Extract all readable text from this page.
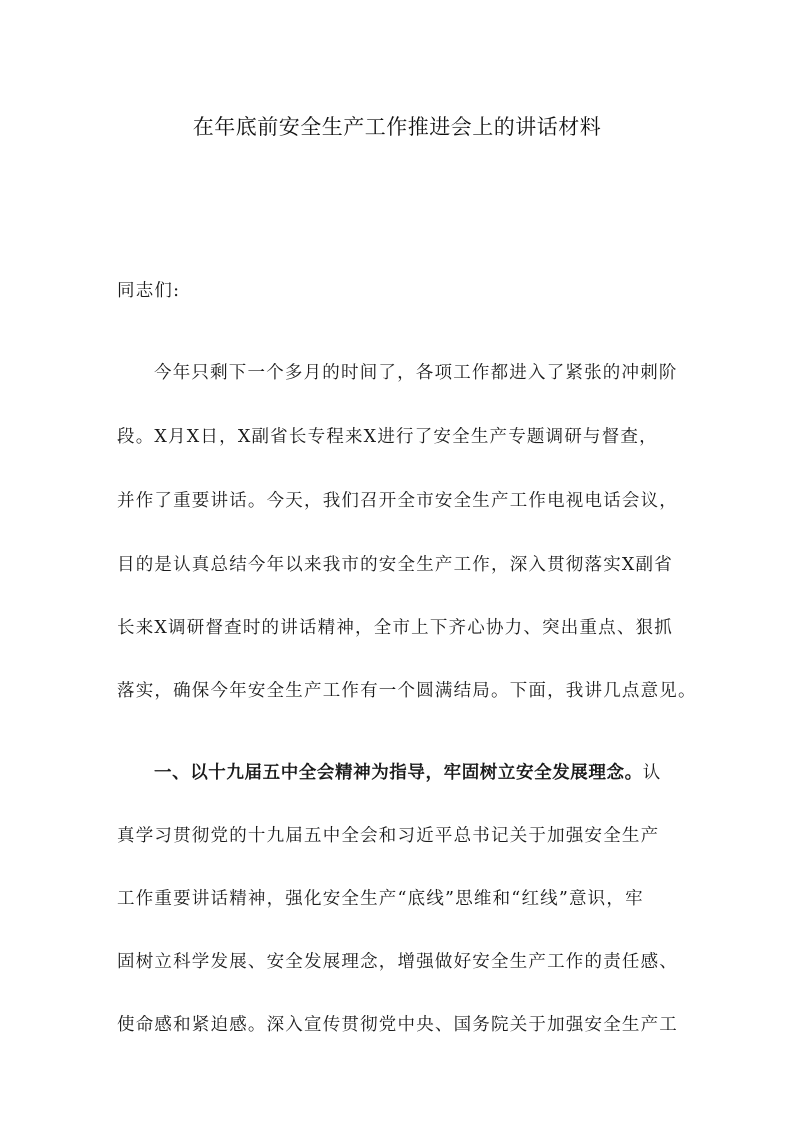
在年底前安全生产工作推进会上的讲话材料
同志们:
今年只剩下一个多月的时间了，各项工作都进入了紧张的冲刺阶
段。X月X日，X副省长专程来X进行了安全生产专题调研与督查，
并作了重要讲话。今天，我们召开全市安全生产工作电视电话会议，
目的是认真总结今年以来我市的安全生产工作，深入贯彻落实X副省
长来X调研督查时的讲话精神，全市上下齐心协力、突出重点、狠抓
落实，确保今年安全生产工作有一个圆满结局。下面，我讲几点意见。
一、以十九届五中全会精神为指导，牢固树立安全发展理念。认
真学习贯彻党的十九届五中全会和习近平总书记关于加强安全生产
工作重要讲话精神，强化安全生产“底线”思维和“红线”意识，牢
固树立科学发展、安全发展理念，增强做好安全生产工作的责任感、
使命感和紧迫感。深入宣传贯彻党中央、国务院关于加强安全生产工
